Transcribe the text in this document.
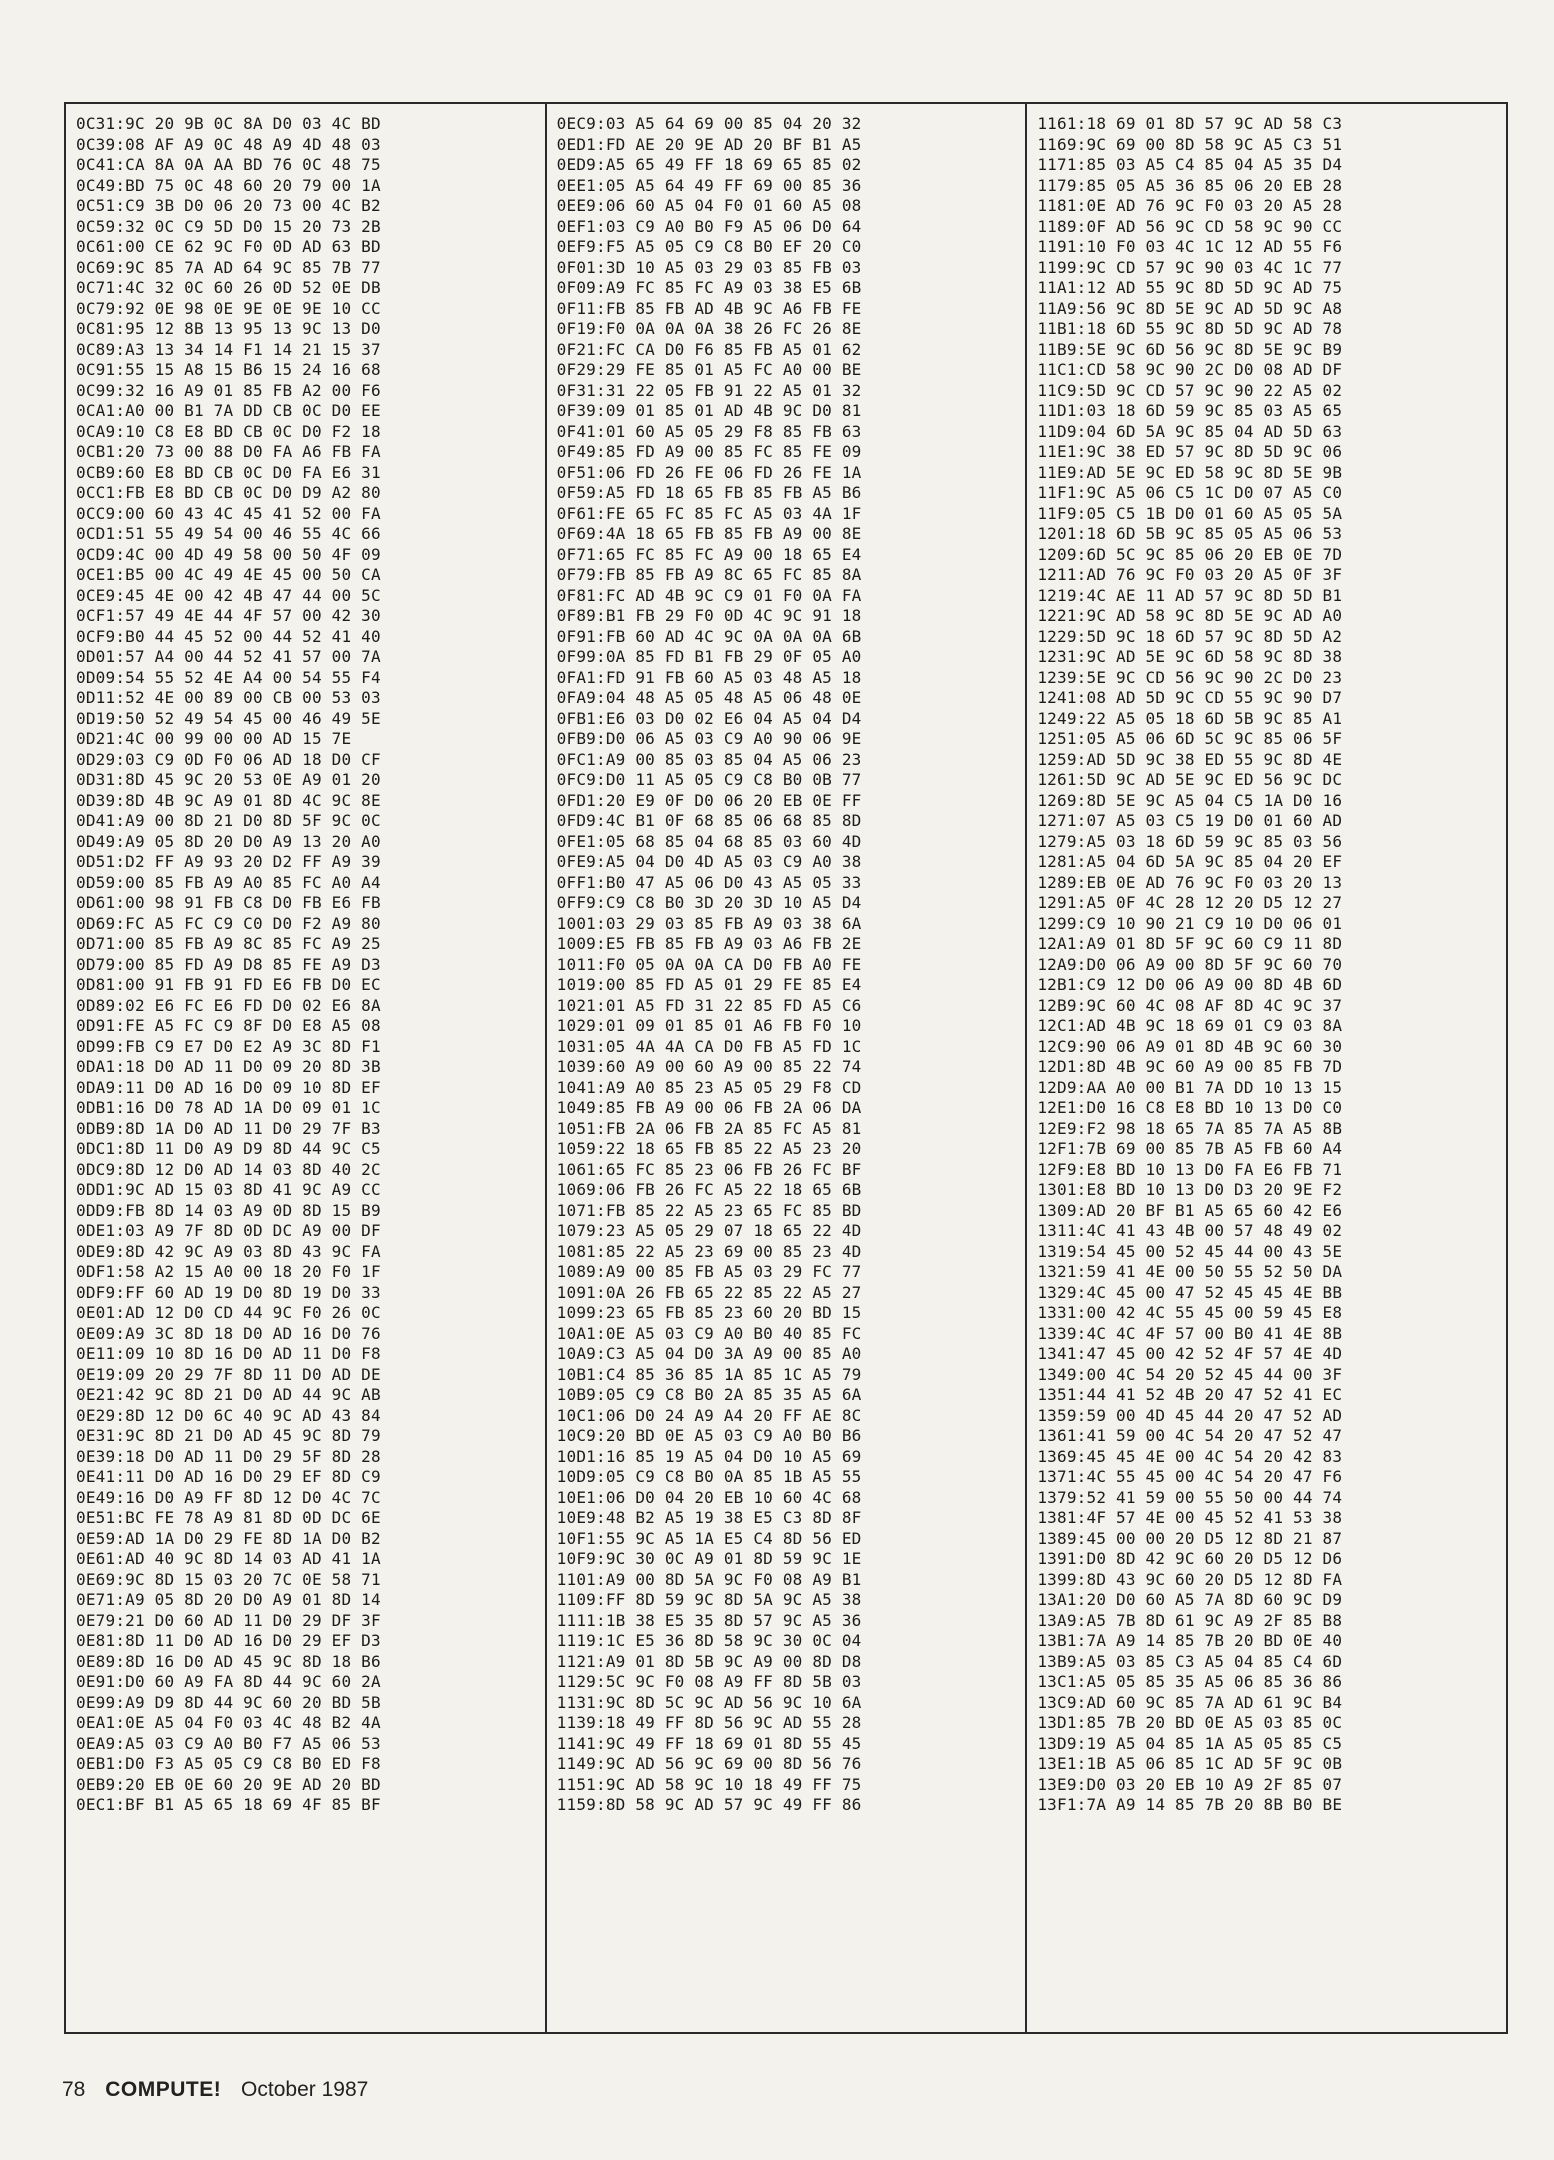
0C31:9C 20 9B 0C 8A D0 03 4C BD
0C39:08 AF A9 0C 48 A9 4D 48 03
0C41:CA 8A 0A AA BD 76 0C 48 75
0C49:BD 75 0C 48 60 20 79 00 1A
0C51:C9 3B D0 06 20 73 00 4C B2
0C59:32 0C C9 5D D0 15 20 73 2B
0C61:00 CE 62 9C F0 0D AD 63 BD
0C69:9C 85 7A AD 64 9C 85 7B 77
0C71:4C 32 0C 60 26 0D 52 0E DB
0C79:92 0E 98 0E 9E 0E 9E 10 CC
0C81:95 12 8B 13 95 13 9C 13 D0
0C89:A3 13 34 14 F1 14 21 15 37
0C91:55 15 A8 15 B6 15 24 16 68
0C99:32 16 A9 01 85 FB A2 00 F6
0CA1:A0 00 B1 7A DD CB 0C D0 EE
0CA9:10 C8 E8 BD CB 0C D0 F2 18
0CB1:20 73 00 88 D0 FA A6 FB FA
0CB9:60 E8 BD CB 0C D0 FA E6 31
0CC1:FB E8 BD CB 0C D0 D9 A2 80
0CC9:00 60 43 4C 45 41 52 00 FA
0CD1:51 55 49 54 00 46 55 4C 66
0CD9:4C 00 4D 49 58 00 50 4F 09
0CE1:B5 00 4C 49 4E 45 00 50 CA
0CE9:45 4E 00 42 4B 47 44 00 5C
0CF1:57 49 4E 44 4F 57 00 42 30
0CF9:B0 44 45 52 00 44 52 41 40
0D01:57 A4 00 44 52 41 57 00 7A
0D09:54 55 52 4E A4 00 54 55 F4
0D11:52 4E 00 89 00 CB 00 53 03
0D19:50 52 49 54 45 00 46 49 5E
0D21:4C 00 99 00 00 AD 15 7E
0D29:03 C9 0D F0 06 AD 18 D0 CF
0D31:8D 45 9C 20 53 0E A9 01 20
0D39:8D 4B 9C A9 01 8D 4C 9C 8E
0D41:A9 00 8D 21 D0 8D 5F 9C 0C
0D49:A9 05 8D 20 D0 A9 13 20 A0
0D51:D2 FF A9 93 20 D2 FF A9 39
0D59:00 85 FB A9 A0 85 FC A0 A4
0D61:00 98 91 FB C8 D0 FB E6 FB
0D69:FC A5 FC C9 C0 D0 F2 A9 80
0D71:00 85 FB A9 8C 85 FC A9 25
0D79:00 85 FD A9 D8 85 FE A9 D3
0D81:00 91 FB 91 FD E6 FB D0 EC
0D89:02 E6 FC E6 FD D0 02 E6 8A
0D91:FE A5 FC C9 8F D0 E8 A5 08
0D99:FB C9 E7 D0 E2 A9 3C 8D F1
0DA1:18 D0 AD 11 D0 09 20 8D 3B
0DA9:11 D0 AD 16 D0 09 10 8D EF
0DB1:16 D0 78 AD 1A D0 09 01 1C
0DB9:8D 1A D0 AD 11 D0 29 7F B3
0DC1:8D 11 D0 A9 D9 8D 44 9C C5
0DC9:8D 12 D0 AD 14 03 8D 40 2C
0DD1:9C AD 15 03 8D 41 9C A9 CC
0DD9:FB 8D 14 03 A9 0D 8D 15 B9
0DE1:03 A9 7F 8D 0D DC A9 00 DF
0DE9:8D 42 9C A9 03 8D 43 9C FA
0DF1:58 A2 15 A0 00 18 20 F0 1F
0DF9:FF 60 AD 19 D0 8D 19 D0 33
0E01:AD 12 D0 CD 44 9C F0 26 0C
0E09:A9 3C 8D 18 D0 AD 16 D0 76
0E11:09 10 8D 16 D0 AD 11 D0 F8
0E19:09 20 29 7F 8D 11 D0 AD DE
0E21:42 9C 8D 21 D0 AD 44 9C AB
0E29:8D 12 D0 6C 40 9C AD 43 84
0E31:9C 8D 21 D0 AD 45 9C 8D 79
0E39:18 D0 AD 11 D0 29 5F 8D 28
0E41:11 D0 AD 16 D0 29 EF 8D C9
0E49:16 D0 A9 FF 8D 12 D0 4C 7C
0E51:BC FE 78 A9 81 8D 0D DC 6E
0E59:AD 1A D0 29 FE 8D 1A D0 B2
0E61:AD 40 9C 8D 14 03 AD 41 1A
0E69:9C 8D 15 03 20 7C 0E 58 71
0E71:A9 05 8D 20 D0 A9 01 8D 14
0E79:21 D0 60 AD 11 D0 29 DF 3F
0E81:8D 11 D0 AD 16 D0 29 EF D3
0E89:8D 16 D0 AD 45 9C 8D 18 B6
0E91:D0 60 A9 FA 8D 44 9C 60 2A
0E99:A9 D9 8D 44 9C 60 20 BD 5B
0EA1:0E A5 04 F0 03 4C 48 B2 4A
0EA9:A5 03 C9 A0 B0 F7 A5 06 53
0EB1:D0 F3 A5 05 C9 C8 B0 ED F8
0EB9:20 EB 0E 60 20 9E AD 20 BD
0EC1:BF B1 A5 65 18 69 4F 85 BF
0EC9:03 A5 64 69 00 85 04 20 32
0ED1:FD AE 20 9E AD 20 BF B1 A5
0ED9:A5 65 49 FF 18 69 65 85 02
0EE1:05 A5 64 49 FF 69 00 85 36
0EE9:06 60 A5 04 F0 01 60 A5 08
0EF1:03 C9 A0 B0 F9 A5 06 D0 64
0EF9:F5 A5 05 C9 C8 B0 EF 20 C0
0F01:3D 10 A5 03 29 03 85 FB 03
0F09:A9 FC 85 FC A9 03 38 E5 6B
0F11:FB 85 FB AD 4B 9C A6 FB FE
0F19:F0 0A 0A 0A 38 26 FC 26 8E
0F21:FC CA D0 F6 85 FB A5 01 62
0F29:29 FE 85 01 A5 FC A0 00 BE
0F31:31 22 05 FB 91 22 A5 01 32
0F39:09 01 85 01 AD 4B 9C D0 81
0F41:01 60 A5 05 29 F8 85 FB 63
0F49:85 FD A9 00 85 FC 85 FE 09
0F51:06 FD 26 FE 06 FD 26 FE 1A
0F59:A5 FD 18 65 FB 85 FB A5 B6
0F61:FE 65 FC 85 FC A5 03 4A 1F
0F69:4A 18 65 FB 85 FB A9 00 8E
0F71:65 FC 85 FC A9 00 18 65 E4
0F79:FB 85 FB A9 8C 65 FC 85 8A
0F81:FC AD 4B 9C C9 01 F0 0A FA
0F89:B1 FB 29 F0 0D 4C 9C 91 18
0F91:FB 60 AD 4C 9C 0A 0A 0A 6B
0F99:0A 85 FD B1 FB 29 0F 05 A0
0FA1:FD 91 FB 60 A5 03 48 A5 18
0FA9:04 48 A5 05 48 A5 06 48 0E
0FB1:E6 03 D0 02 E6 04 A5 04 D4
0FB9:D0 06 A5 03 C9 A0 90 06 9E
0FC1:A9 00 85 03 85 04 A5 06 23
0FC9:D0 11 A5 05 C9 C8 B0 0B 77
0FD1:20 E9 0F D0 06 20 EB 0E FF
0FD9:4C B1 0F 68 85 06 68 85 8D
0FE1:05 68 85 04 68 85 03 60 4D
0FE9:A5 04 D0 4D A5 03 C9 A0 38
0FF1:B0 47 A5 06 D0 43 A5 05 33
0FF9:C9 C8 B0 3D 20 3D 10 A5 D4
1001:03 29 03 85 FB A9 03 38 6A
1009:E5 FB 85 FB A9 03 A6 FB 2E
1011:F0 05 0A 0A CA D0 FB A0 FE
1019:00 85 FD A5 01 29 FE 85 E4
1021:01 A5 FD 31 22 85 FD A5 C6
1029:01 09 01 85 01 A6 FB F0 10
1031:05 4A 4A CA D0 FB A5 FD 1C
1039:60 A9 00 60 A9 00 85 22 74
1041:A9 A0 85 23 A5 05 29 F8 CD
1049:85 FB A9 00 06 FB 2A 06 DA
1051:FB 2A 06 FB 2A 85 FC A5 81
1059:22 18 65 FB 85 22 A5 23 20
1061:65 FC 85 23 06 FB 26 FC BF
1069:06 FB 26 FC A5 22 18 65 6B
1071:FB 85 22 A5 23 65 FC 85 BD
1079:23 A5 05 29 07 18 65 22 4D
1081:85 22 A5 23 69 00 85 23 4D
1089:A9 00 85 FB A5 03 29 FC 77
1091:0A 26 FB 65 22 85 22 A5 27
1099:23 65 FB 85 23 60 20 BD 15
10A1:0E A5 03 C9 A0 B0 40 85 FC
10A9:C3 A5 04 D0 3A A9 00 85 A0
10B1:C4 85 36 85 1A 85 1C A5 79
10B9:05 C9 C8 B0 2A 85 35 A5 6A
10C1:06 D0 24 A9 A4 20 FF AE 8C
10C9:20 BD 0E A5 03 C9 A0 B0 B6
10D1:16 85 19 A5 04 D0 10 A5 69
10D9:05 C9 C8 B0 0A 85 1B A5 55
10E1:06 D0 04 20 EB 10 60 4C 68
10E9:48 B2 A5 19 38 E5 C3 8D 8F
10F1:55 9C A5 1A E5 C4 8D 56 ED
10F9:9C 30 0C A9 01 8D 59 9C 1E
1101:A9 00 8D 5A 9C F0 08 A9 B1
1109:FF 8D 59 9C 8D 5A 9C A5 38
1111:1B 38 E5 35 8D 57 9C A5 36
1119:1C E5 36 8D 58 9C 30 0C 04
1121:A9 01 8D 5B 9C A9 00 8D D8
1129:5C 9C F0 08 A9 FF 8D 5B 03
1131:9C 8D 5C 9C AD 56 9C 10 6A
1139:18 49 FF 8D 56 9C AD 55 28
1141:9C 49 FF 18 69 01 8D 55 45
1149:9C AD 56 9C 69 00 8D 56 76
1151:9C AD 58 9C 10 18 49 FF 75
1159:8D 58 9C AD 57 9C 49 FF 86
1161:18 69 01 8D 57 9C AD 58 C3
1169:9C 69 00 8D 58 9C A5 C3 51
1171:85 03 A5 C4 85 04 A5 35 D4
1179:85 05 A5 36 85 06 20 EB 28
1181:0E AD 76 9C F0 03 20 A5 28
1189:0F AD 56 9C CD 58 9C 90 CC
1191:10 F0 03 4C 1C 12 AD 55 F6
1199:9C CD 57 9C 90 03 4C 1C 77
11A1:12 AD 55 9C 8D 5D 9C AD 75
11A9:56 9C 8D 5E 9C AD 5D 9C A8
11B1:18 6D 55 9C 8D 5D 9C AD 78
11B9:5E 9C 6D 56 9C 8D 5E 9C B9
11C1:CD 58 9C 90 2C D0 08 AD DF
11C9:5D 9C CD 57 9C 90 22 A5 02
11D1:03 18 6D 59 9C 85 03 A5 65
11D9:04 6D 5A 9C 85 04 AD 5D 63
11E1:9C 38 ED 57 9C 8D 5D 9C 06
11E9:AD 5E 9C ED 58 9C 8D 5E 9B
11F1:9C A5 06 C5 1C D0 07 A5 C0
11F9:05 C5 1B D0 01 60 A5 05 5A
1201:18 6D 5B 9C 85 05 A5 06 53
1209:6D 5C 9C 85 06 20 EB 0E 7D
1211:AD 76 9C F0 03 20 A5 0F 3F
1219:4C AE 11 AD 57 9C 8D 5D B1
1221:9C AD 58 9C 8D 5E 9C AD A0
1229:5D 9C 18 6D 57 9C 8D 5D A2
1231:9C AD 5E 9C 6D 58 9C 8D 38
1239:5E 9C CD 56 9C 90 2C D0 23
1241:08 AD 5D 9C CD 55 9C 90 D7
1249:22 A5 05 18 6D 5B 9C 85 A1
1251:05 A5 06 6D 5C 9C 85 06 5F
1259:AD 5D 9C 38 ED 55 9C 8D 4E
1261:5D 9C AD 5E 9C ED 56 9C DC
1269:8D 5E 9C A5 04 C5 1A D0 16
1271:07 A5 03 C5 19 D0 01 60 AD
1279:A5 03 18 6D 59 9C 85 03 56
1281:A5 04 6D 5A 9C 85 04 20 EF
1289:EB 0E AD 76 9C F0 03 20 13
1291:A5 0F 4C 28 12 20 D5 12 27
1299:C9 10 90 21 C9 10 D0 06 01
12A1:A9 01 8D 5F 9C 60 C9 11 8D
12A9:D0 06 A9 00 8D 5F 9C 60 70
12B1:C9 12 D0 06 A9 00 8D 4B 6D
12B9:9C 60 4C 08 AF 8D 4C 9C 37
12C1:AD 4B 9C 18 69 01 C9 03 8A
12C9:90 06 A9 01 8D 4B 9C 60 30
12D1:8D 4B 9C 60 A9 00 85 FB 7D
12D9:AA A0 00 B1 7A DD 10 13 15
12E1:D0 16 C8 E8 BD 10 13 D0 C0
12E9:F2 98 18 65 7A 85 7A A5 8B
12F1:7B 69 00 85 7B A5 FB 60 A4
12F9:E8 BD 10 13 D0 FA E6 FB 71
1301:E8 BD 10 13 D0 D3 20 9E F2
1309:AD 20 BF B1 A5 65 60 42 E6
1311:4C 41 43 4B 00 57 48 49 02
1319:54 45 00 52 45 44 00 43 5E
1321:59 41 4E 00 50 55 52 50 DA
1329:4C 45 00 47 52 45 45 4E BB
1331:00 42 4C 55 45 00 59 45 E8
1339:4C 4C 4F 57 00 B0 41 4E 8B
1341:47 45 00 42 52 4F 57 4E 4D
1349:00 4C 54 20 52 45 44 00 3F
1351:44 41 52 4B 20 47 52 41 EC
1359:59 00 4D 45 44 20 47 52 AD
1361:41 59 00 4C 54 20 47 52 47
1369:45 45 4E 00 4C 54 20 42 83
1371:4C 55 45 00 4C 54 20 47 F6
1379:52 41 59 00 55 50 00 44 74
1381:4F 57 4E 00 45 52 41 53 38
1389:45 00 00 20 D5 12 8D 21 87
1391:D0 8D 42 9C 60 20 D5 12 D6
1399:8D 43 9C 60 20 D5 12 8D FA
13A1:20 D0 60 A5 7A 8D 60 9C D9
13A9:A5 7B 8D 61 9C A9 2F 85 B8
13B1:7A A9 14 85 7B 20 BD 0E 40
13B9:A5 03 85 C3 A5 04 85 C4 6D
13C1:A5 05 85 35 A5 06 85 36 86
13C9:AD 60 9C 85 7A AD 61 9C B4
13D1:85 7B 20 BD 0E A5 03 85 0C
13D9:19 A5 04 85 1A A5 05 85 C5
13E1:1B A5 06 85 1C AD 5F 9C 0B
13E9:D0 03 20 EB 10 A9 2F 85 07
13F1:7A A9 14 85 7B 20 8B B0 BE
78 COMPUTE! October 1987
